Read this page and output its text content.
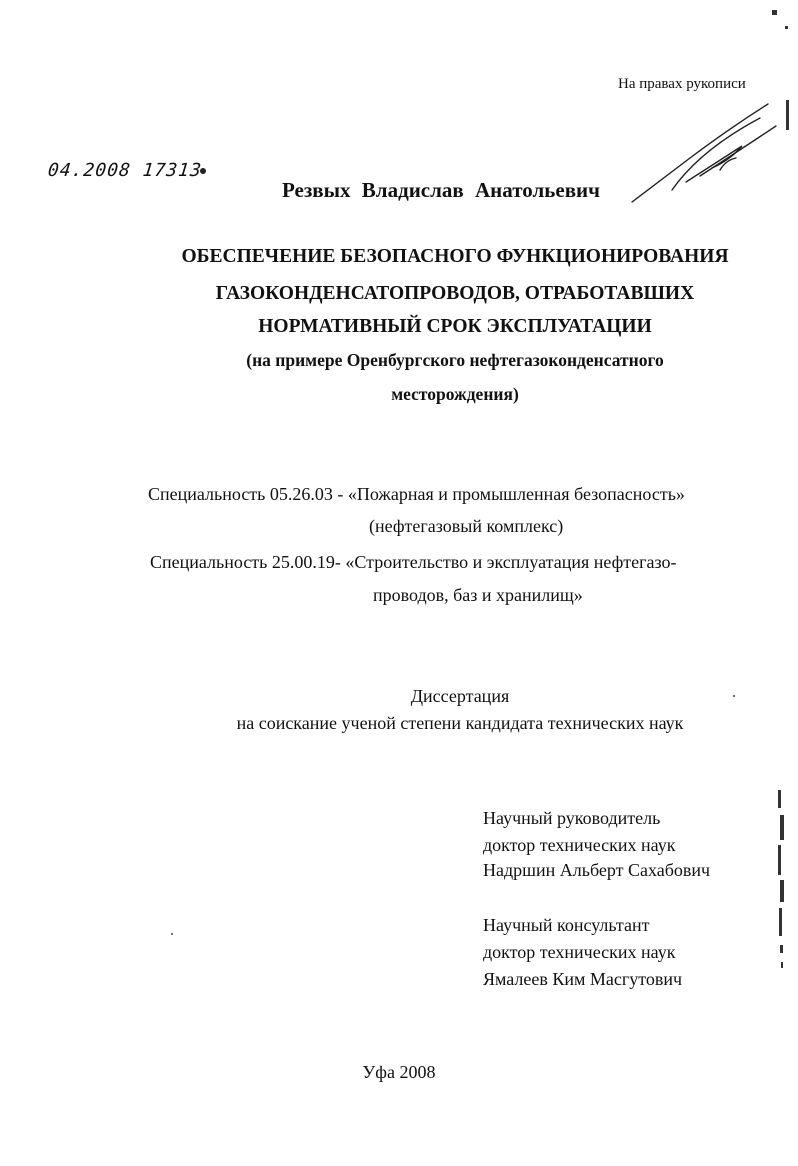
На правах рукописи
04.2008 17313
Резвых Владислав Анатольевич
ОБЕСПЕЧЕНИЕ БЕЗОПАСНОГО ФУНКЦИОНИРОВАНИЯ
ГАЗОКОНДЕНСАТОПРОВОДОВ, ОТРАБОТАВШИХ
НОРМАТИВНЫЙ СРОК ЭКСПЛУАТАЦИИ
(на примере Оренбургского нефтегазоконденсатного
месторождения)
Специальность 05.26.03 - «Пожарная и промышленная безопасность»
(нефтегазовый комплекс)
Специальность 25.00.19- «Строительство и эксплуатация нефтегазо-
проводов, баз и хранилищ»
Диссертация
на соискание ученой степени кандидата технических наук
Научный руководитель
доктор технических наук
Надршин Альберт Сахабович
Научный консультант
доктор технических наук
Ямалеев Ким Масгутович
Уфа 2008
